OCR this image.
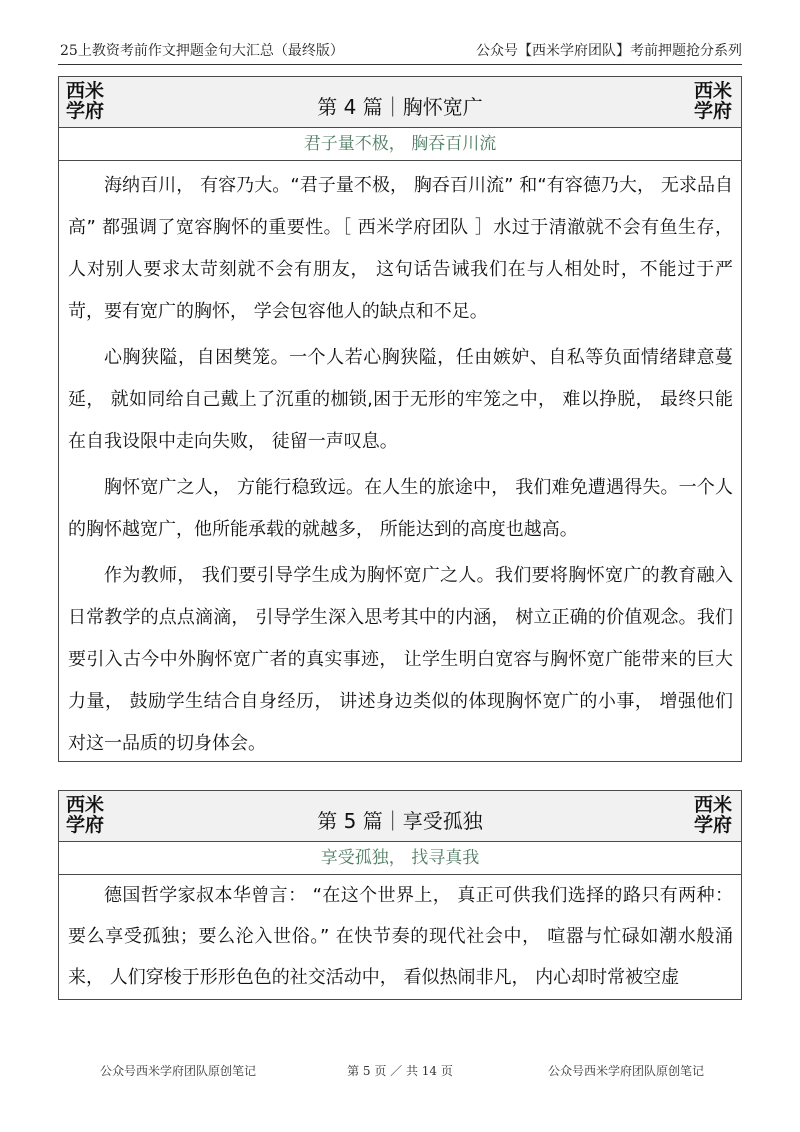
25上教资考前作文押题金句大汇总（最终版）	公众号【西米学府团队】考前押题抢分系列
西米
学府	第 4 篇｜胸怀宽广
西米
学府
君子量不极， 胸吞百川流

海纳百川， 有容乃大。“君子量不极， 胸吞百川流” 和“有容德乃大， 无求品自高” 都强调了宽容胸怀的重要性。［ 西米学府团队 ］水过于清澈就不会有鱼生存， 人对别人要求太苛刻就不会有朋友， 这句话告诫我们在与人相处时，不能过于严苛，要有宽广的胸怀， 学会包容他人的缺点和不足。

心胸狭隘，自困樊笼。一个人若心胸狭隘，任由嫉妒、自私等负面情绪肆意蔓延， 就如同给自己戴上了沉重的枷锁,困于无形的牢笼之中， 难以挣脱， 最终只能在自我设限中走向失败， 徒留一声叹息。

胸怀宽广之人， 方能行稳致远。在人生的旅途中， 我们难免遭遇得失。一个人的胸怀越宽广，他所能承载的就越多， 所能达到的高度也越高。

作为教师， 我们要引导学生成为胸怀宽广之人。我们要将胸怀宽广的教育融入日常教学的点点滴滴， 引导学生深入思考其中的内涵， 树立正确的价值观念。我们要引入古今中外胸怀宽广者的真实事迹， 让学生明白宽容与胸怀宽广能带来的巨大力量， 鼓励学生结合自身经历， 讲述身边类似的体现胸怀宽广的小事， 增强他们对这一品质的切身体会。

西米
学府	第 5 篇｜享受孤独
西米
学府
享受孤独， 找寻真我

德国哲学家叔本华曾言： “在这个世界上， 真正可供我们选择的路只有两种：要么享受孤独；要么沦入世俗。” 在快节奏的现代社会中， 喧嚣与忙碌如潮水般涌来， 人们穿梭于形形色色的社交活动中， 看似热闹非凡， 内心却时常被空虚

公众号西米学府团队原创笔记	第 5 页 ／ 共 14 页	公众号西米学府团队原创笔记
